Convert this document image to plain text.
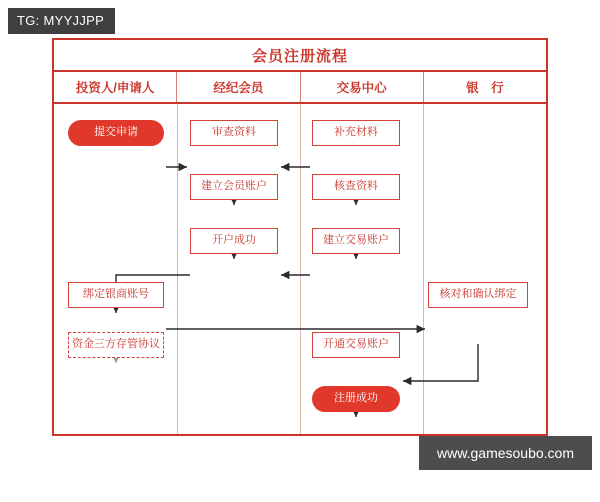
TG: MYYJJPP
会员注册流程
投资人/申请人	经纪会员	交易中心	银　行
提交申请	审查资料	补充材料
建立会员账户	核查资料
开户成功	建立交易账户
绑定银商账号	核对和确认绑定
资金三方存管协议	开通交易账户
注册成功
www.gamesoubo.com
